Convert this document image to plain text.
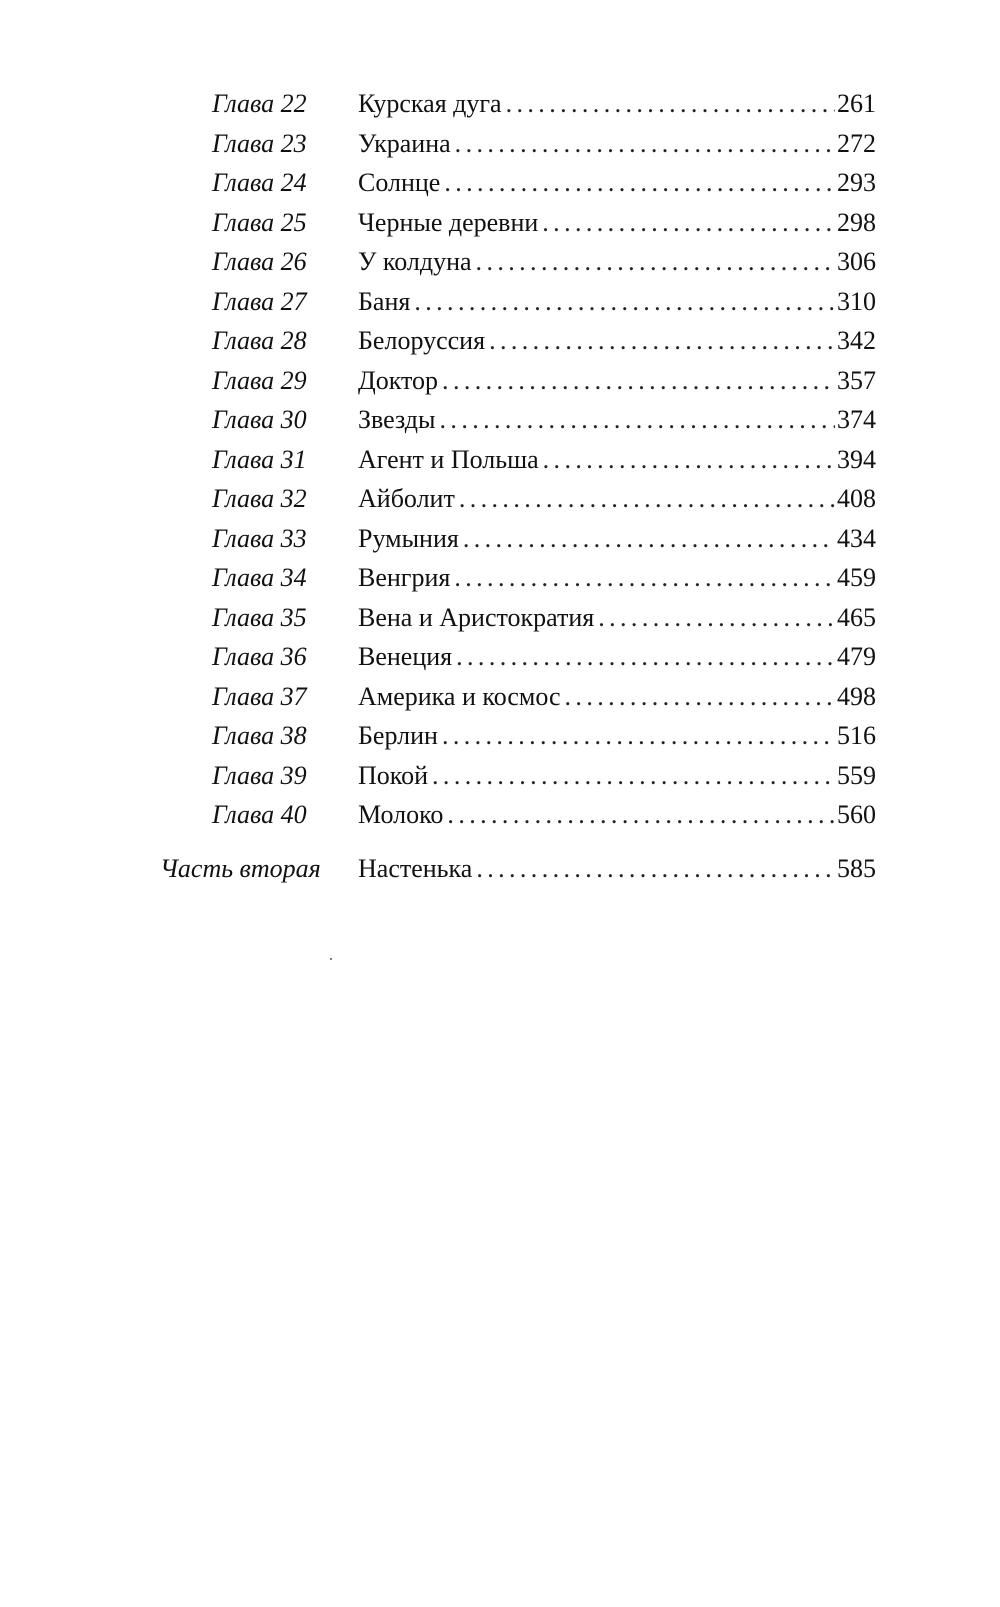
Глава 22	Курская дуга .....	261
Глава 23	Украина .....	272
Глава 24	Солнце .....	293
Глава 25	Черные деревни .....	298
Глава 26	У колдуна .....	306
Глава 27	Баня .....	310
Глава 28	Белоруссия .....	342
Глава 29	Доктор .....	357
Глава 30	Звезды .....	374
Глава 31	Агент и Польша .....	394
Глава 32	Айболит .....	408
Глава 33	Румыния .....	434
Глава 34	Венгрия .....	459
Глава 35	Вена и Аристократия .....	465
Глава 36	Венеция .....	479
Глава 37	Америка и космос .....	498
Глава 38	Берлин .....	516
Глава 39	Покой .....	559
Глава 40	Молоко .....	560
Часть вторая	Настенька .....	585
